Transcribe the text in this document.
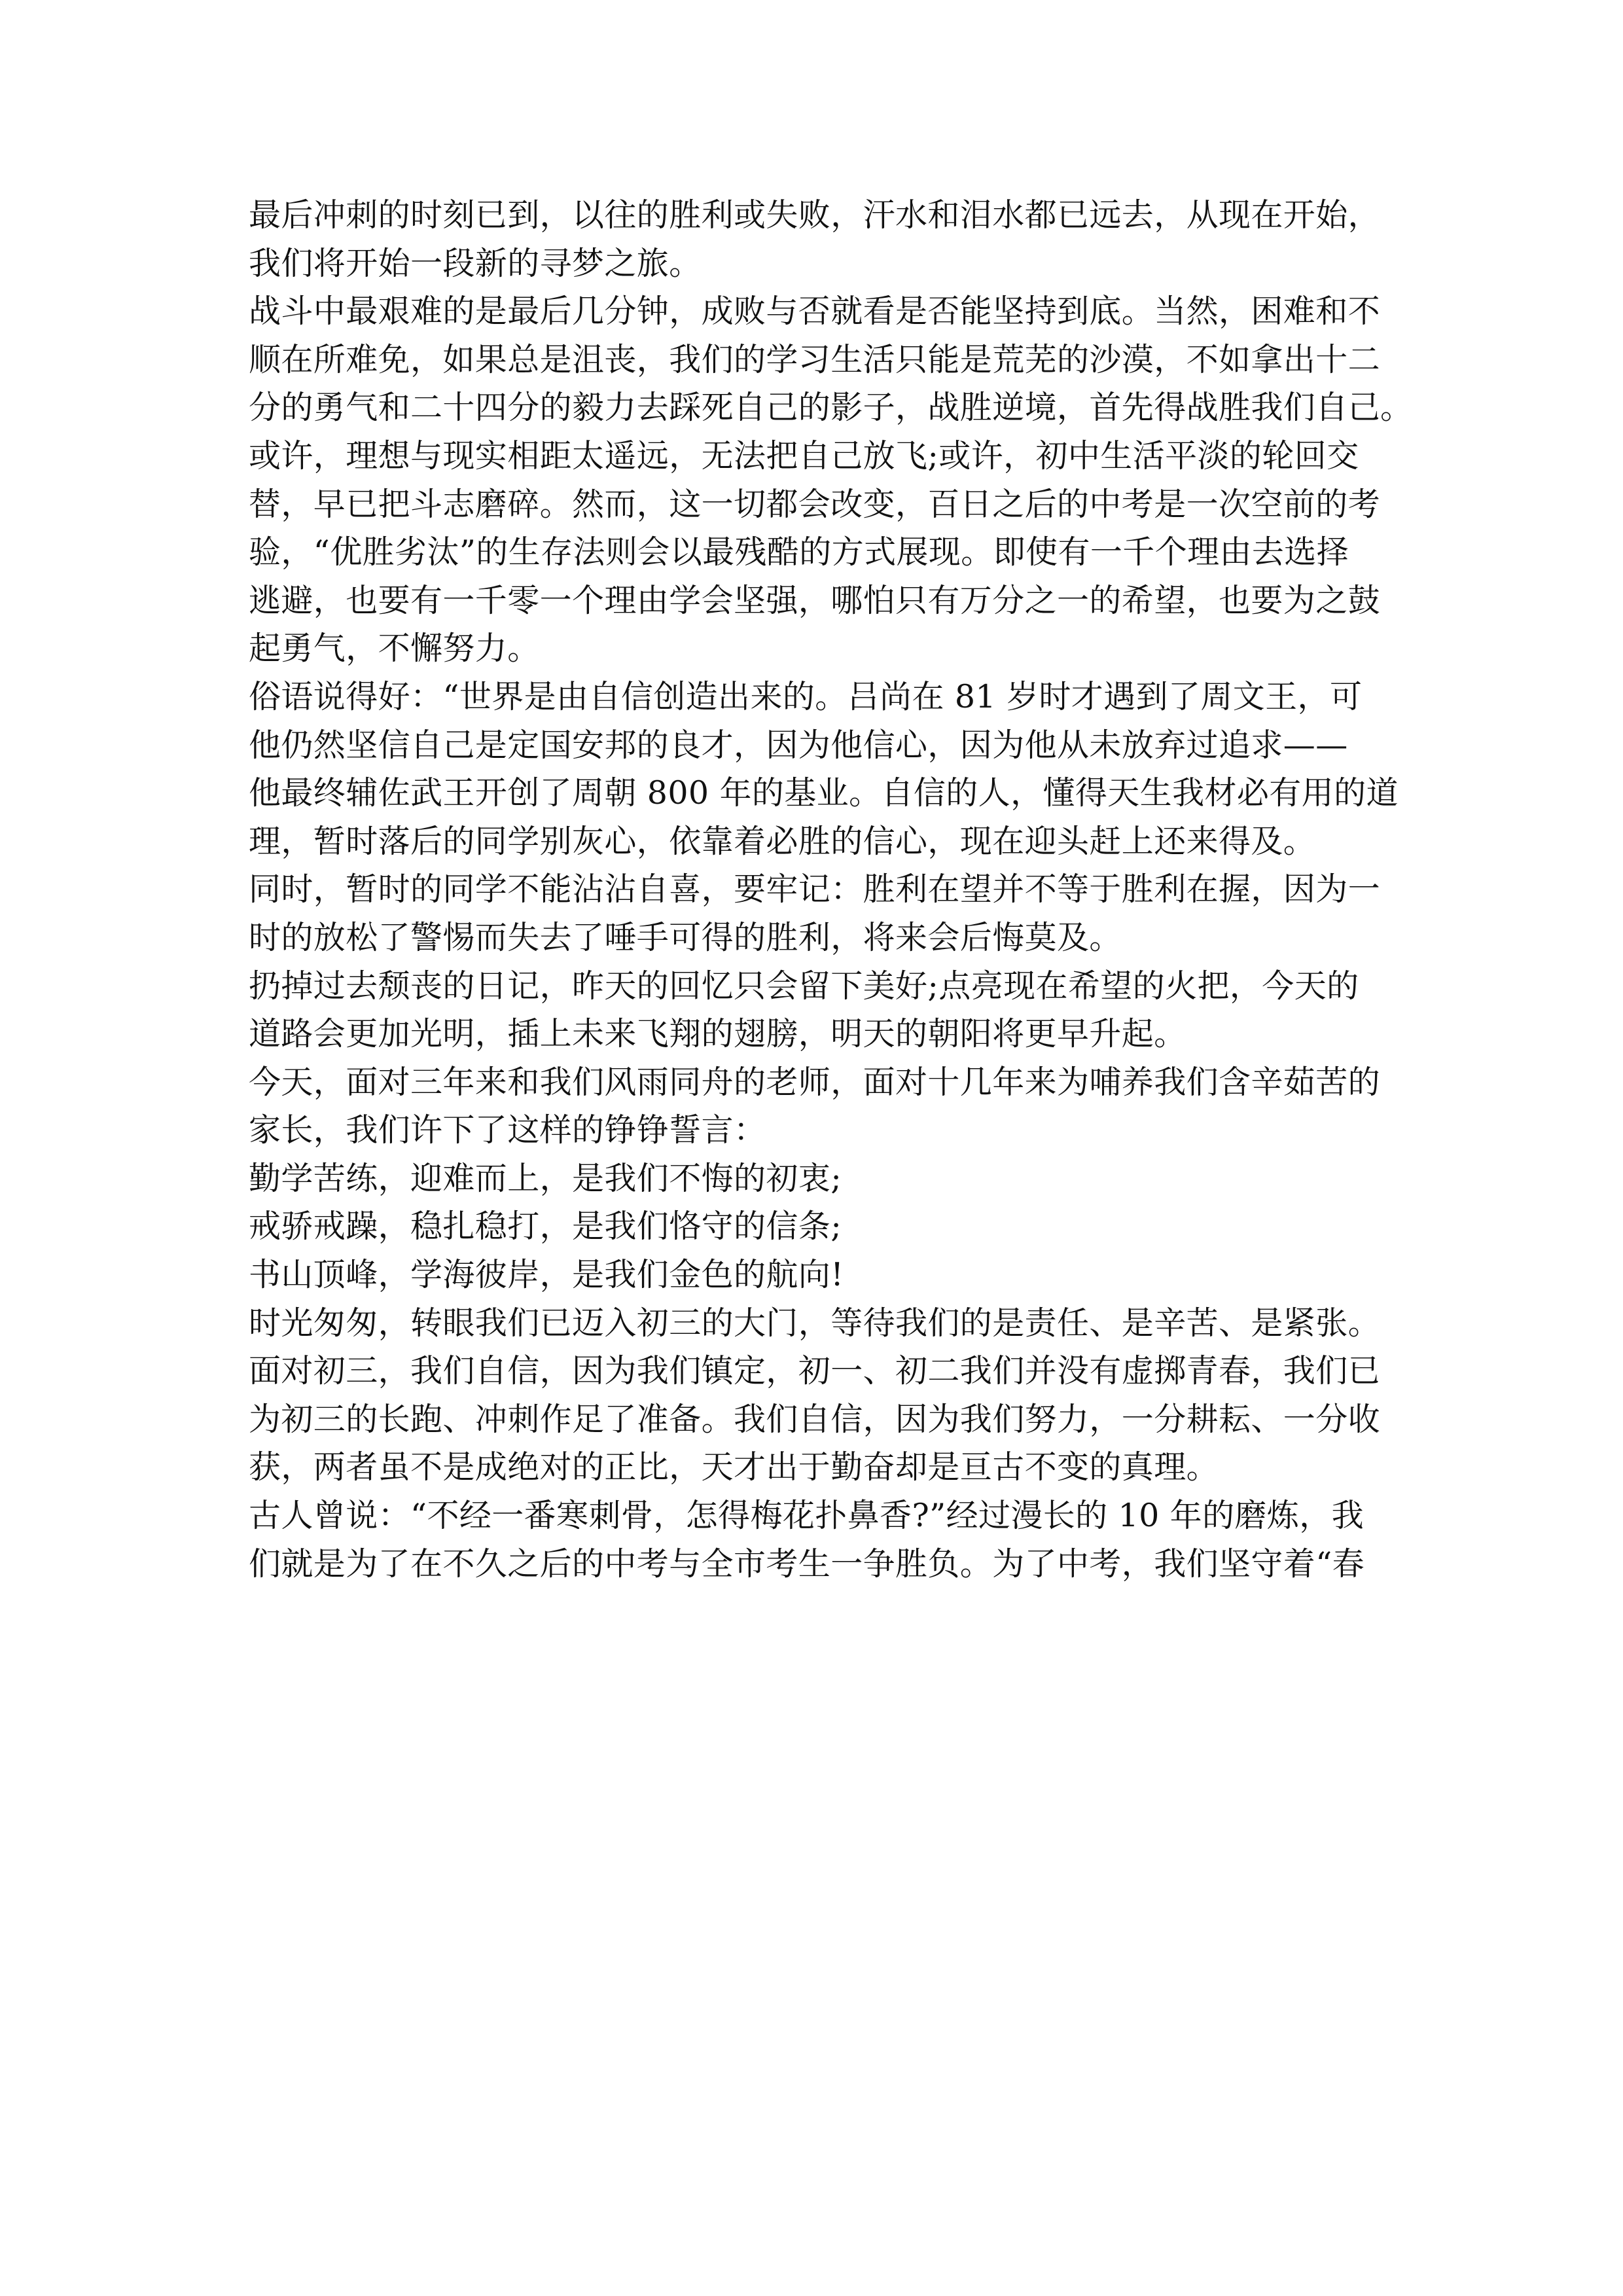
最后冲刺的时刻已到，以往的胜利或失败，汗水和泪水都已远去，从现在开始，
我们将开始一段新的寻梦之旅。
战斗中最艰难的是最后几分钟，成败与否就看是否能坚持到底。当然，困难和不
顺在所难免，如果总是沮丧，我们的学习生活只能是荒芜的沙漠，不如拿出十二
分的勇气和二十四分的毅力去踩死自己的影子，战胜逆境，首先得战胜我们自己。
或许，理想与现实相距太遥远，无法把自己放飞;或许，初中生活平淡的轮回交
替，早已把斗志磨碎。然而，这一切都会改变，百日之后的中考是一次空前的考
验，“优胜劣汰”的生存法则会以最残酷的方式展现。即使有一千个理由去选择
逃避，也要有一千零一个理由学会坚强，哪怕只有万分之一的希望，也要为之鼓
起勇气，不懈努力。
俗语说得好：“世界是由自信创造出来的。吕尚在 81 岁时才遇到了周文王，可
他仍然坚信自己是定国安邦的良才，因为他信心，因为他从未放弃过追求——
他最终辅佐武王开创了周朝 800 年的基业。自信的人，懂得天生我材必有用的道
理，暂时落后的同学别灰心，依靠着必胜的信心，现在迎头赶上还来得及。
同时，暂时的同学不能沾沾自喜，要牢记：胜利在望并不等于胜利在握，因为一
时的放松了警惕而失去了唾手可得的胜利，将来会后悔莫及。
扔掉过去颓丧的日记，昨天的回忆只会留下美好;点亮现在希望的火把，今天的
道路会更加光明，插上未来飞翔的翅膀，明天的朝阳将更早升起。
今天，面对三年来和我们风雨同舟的老师，面对十几年来为哺养我们含辛茹苦的
家长，我们许下了这样的铮铮誓言：
勤学苦练，迎难而上，是我们不悔的初衷;
戒骄戒躁，稳扎稳打，是我们恪守的信条;
书山顶峰，学海彼岸，是我们金色的航向!
时光匆匆，转眼我们已迈入初三的大门，等待我们的是责任、是辛苦、是紧张。
面对初三，我们自信，因为我们镇定，初一、初二我们并没有虚掷青春，我们已
为初三的长跑、冲刺作足了准备。我们自信，因为我们努力，一分耕耘、一分收
获，两者虽不是成绝对的正比，天才出于勤奋却是亘古不变的真理。
古人曾说：“不经一番寒刺骨，怎得梅花扑鼻香?”经过漫长的 10 年的磨炼，我
们就是为了在不久之后的中考与全市考生一争胜负。为了中考，我们坚守着“春
